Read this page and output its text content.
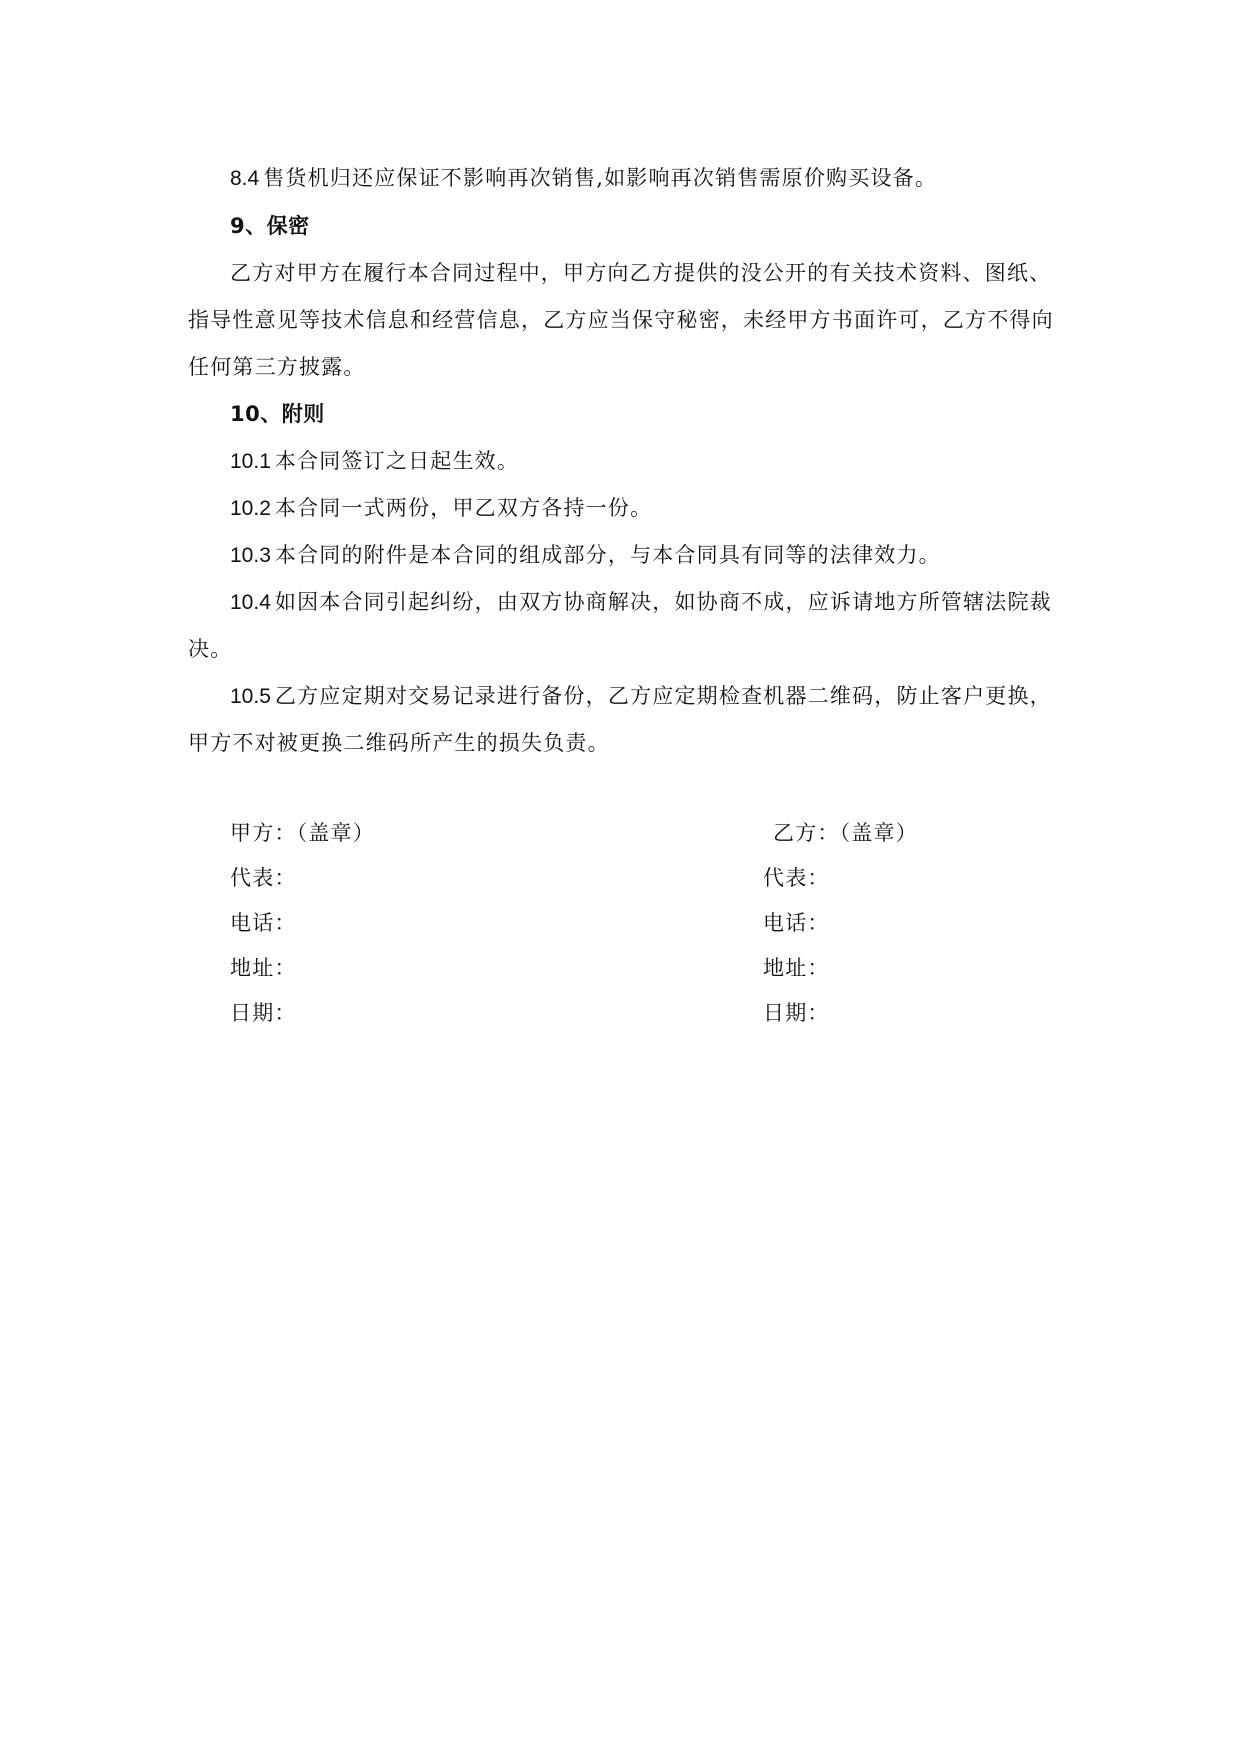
8.4 售货机归还应保证不影响再次销售,如影响再次销售需原价购买设备。
9、保密
乙方对甲方在履行本合同过程中，甲方向乙方提供的没公开的有关技术资料、图纸、
指导性意见等技术信息和经营信息，乙方应当保守秘密，未经甲方书面许可，乙方不得向
任何第三方披露。
10、附则
10.1 本合同签订之日起生效。
10.2 本合同一式两份，甲乙双方各持一份。
10.3 本合同的附件是本合同的组成部分，与本合同具有同等的法律效力。
10.4 如因本合同引起纠纷，由双方协商解决，如协商不成，应诉请地方所管辖法院裁
决。
10.5 乙方应定期对交易记录进行备份，乙方应定期检查机器二维码，防止客户更换，
甲方不对被更换二维码所产生的损失负责。
甲方：（盖章）
代表：
电话：
地址：
日期：
乙方：（盖章）
代表：
电话：
地址：
日期：
